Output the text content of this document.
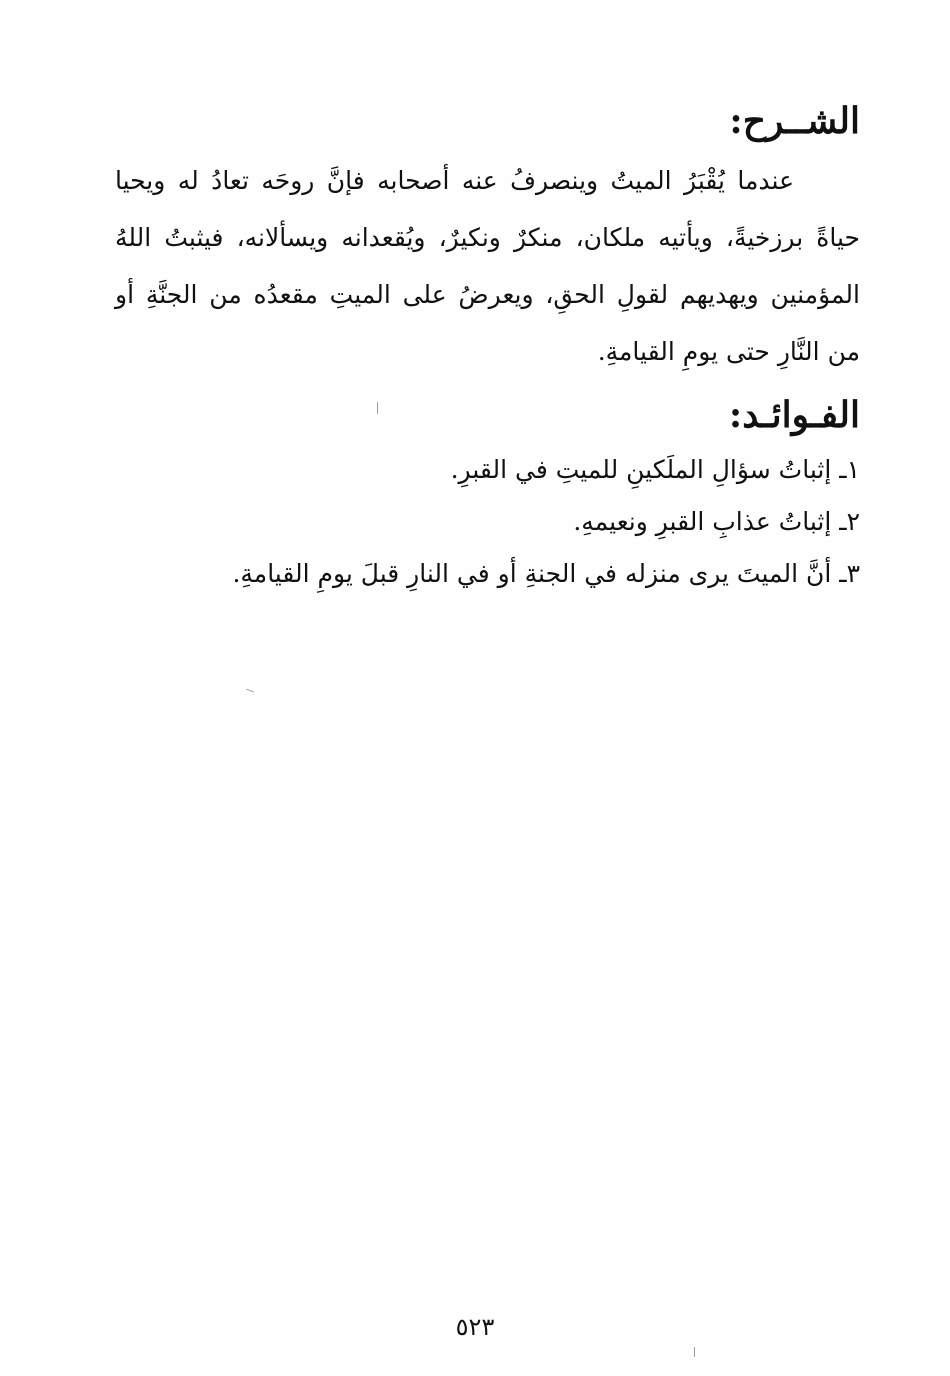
الشــرح:

عندما يُقْبَرُ الميتُ وينصرفُ عنه أصحابه فإنَّ روحَه تعادُ له ويحيا حياةً برزخيةً، ويأتيه ملكان، منكرٌ ونكيرٌ، ويُقعدانه ويسألانه، فيثبتُ اللهُ المؤمنين ويهديهم لقولِ الحقِ، ويعرضُ على الميتِ مقعدُه من الجنَّةِ أو من النَّارِ حتى يومِ القيامةِ.

الفـوائـد:
١ـ إثباتُ سؤالِ الملَكينِ للميتِ في القبرِ.
٢ـ إثباتُ عذابِ القبرِ ونعيمهِ.
٣ـ أنَّ الميتَ يرى منزله في الجنةِ أو في النارِ قبلَ يومِ القيامةِ.
٥٢٣
